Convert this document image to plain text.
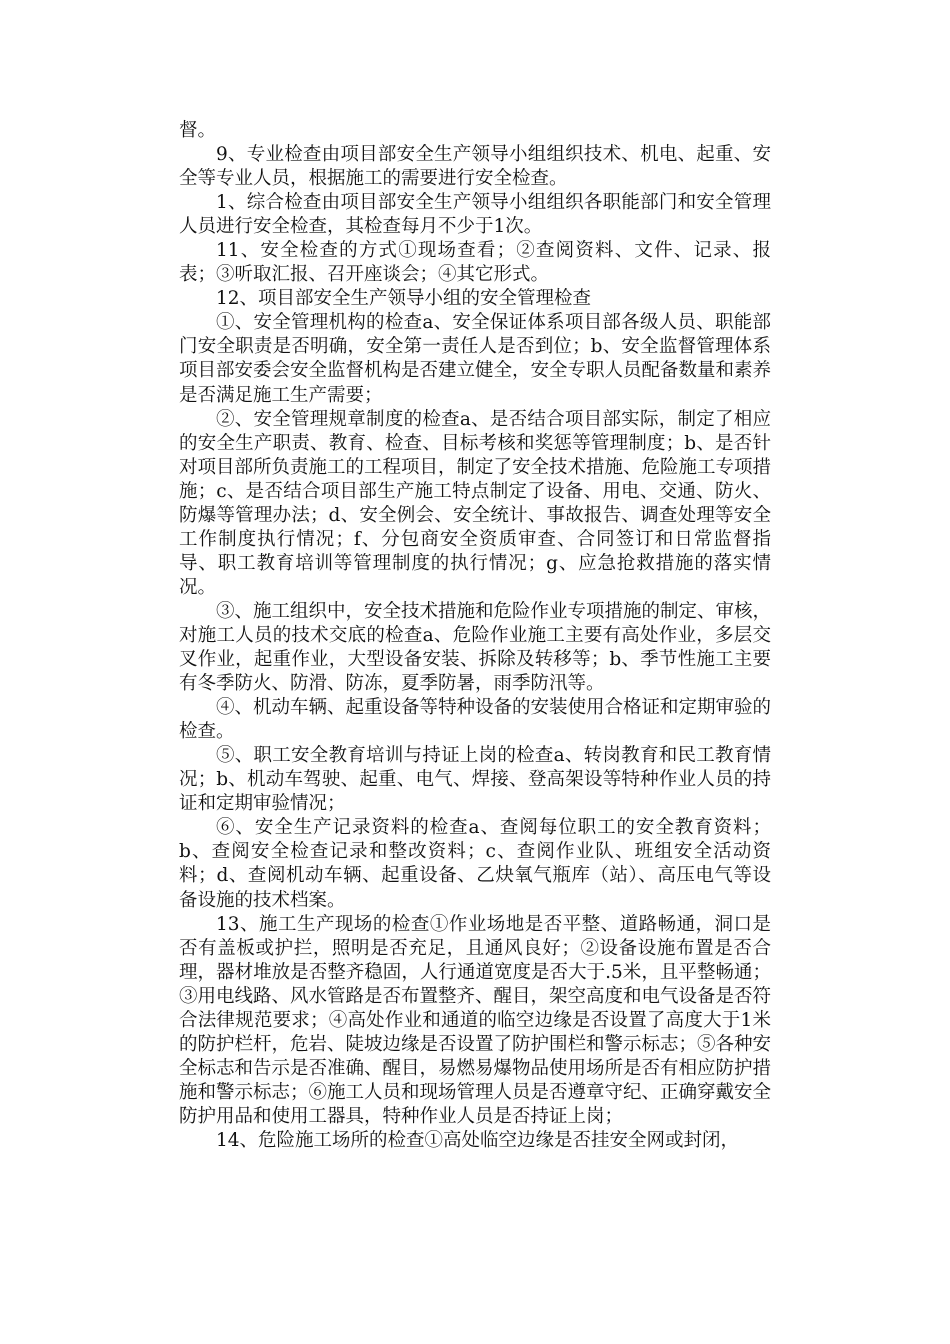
督。

9、专业检查由项目部安全生产领导小组组织技术、机电、起重、安全等专业人员，根据施工的需要进行安全检查。

1、综合检查由项目部安全生产领导小组组织各职能部门和安全管理人员进行安全检查，其检查每月不少于1次。

11、安全检查的方式①现场查看；②查阅资料、文件、记录、报表；③听取汇报、召开座谈会；④其它形式。

12、项目部安全生产领导小组的安全管理检查

①、安全管理机构的检查a、安全保证体系项目部各级人员、职能部门安全职责是否明确，安全第一责任人是否到位；b、安全监督管理体系项目部安委会安全监督机构是否建立健全，安全专职人员配备数量和素养是否满足施工生产需要；

②、安全管理规章制度的检查a、是否结合项目部实际，制定了相应的安全生产职责、教育、检查、目标考核和奖惩等管理制度；b、是否针对项目部所负责施工的工程项目，制定了安全技术措施、危险施工专项措施；c、是否结合项目部生产施工特点制定了设备、用电、交通、防火、防爆等管理办法；d、安全例会、安全统计、事故报告、调查处理等安全工作制度执行情况；f、分包商安全资质审查、合同签订和日常监督指导、职工教育培训等管理制度的执行情况；g、应急抢救措施的落实情况。

③、施工组织中，安全技术措施和危险作业专项措施的制定、审核，对施工人员的技术交底的检查a、危险作业施工主要有高处作业，多层交叉作业，起重作业，大型设备安装、拆除及转移等；b、季节性施工主要有冬季防火、防滑、防冻，夏季防暑，雨季防汛等。

④、机动车辆、起重设备等特种设备的安装使用合格证和定期审验的检查。

⑤、职工安全教育培训与持证上岗的检查a、转岗教育和民工教育情况；b、机动车驾驶、起重、电气、焊接、登高架设等特种作业人员的持证和定期审验情况；

⑥、安全生产记录资料的检查a、查阅每位职工的安全教育资料；b、查阅安全检查记录和整改资料；c、查阅作业队、班组安全活动资料；d、查阅机动车辆、起重设备、乙炔氧气瓶库（站）、高压电气等设备设施的技术档案。

13、施工生产现场的检查①作业场地是否平整、道路畅通，洞口是否有盖板或护拦，照明是否充足，且通风良好；②设备设施布置是否合理，器材堆放是否整齐稳固，人行通道宽度是否大于.5米，且平整畅通；③用电线路、风水管路是否布置整齐、醒目，架空高度和电气设备是否符合法律规范要求；④高处作业和通道的临空边缘是否设置了高度大于1米的防护栏杆，危岩、陡坡边缘是否设置了防护围栏和警示标志；⑤各种安全标志和告示是否准确、醒目，易燃易爆物品使用场所是否有相应防护措施和警示标志；⑥施工人员和现场管理人员是否遵章守纪、正确穿戴安全防护用品和使用工器具，特种作业人员是否持证上岗；

14、危险施工场所的检查①高处临空边缘是否挂安全网或封闭，
